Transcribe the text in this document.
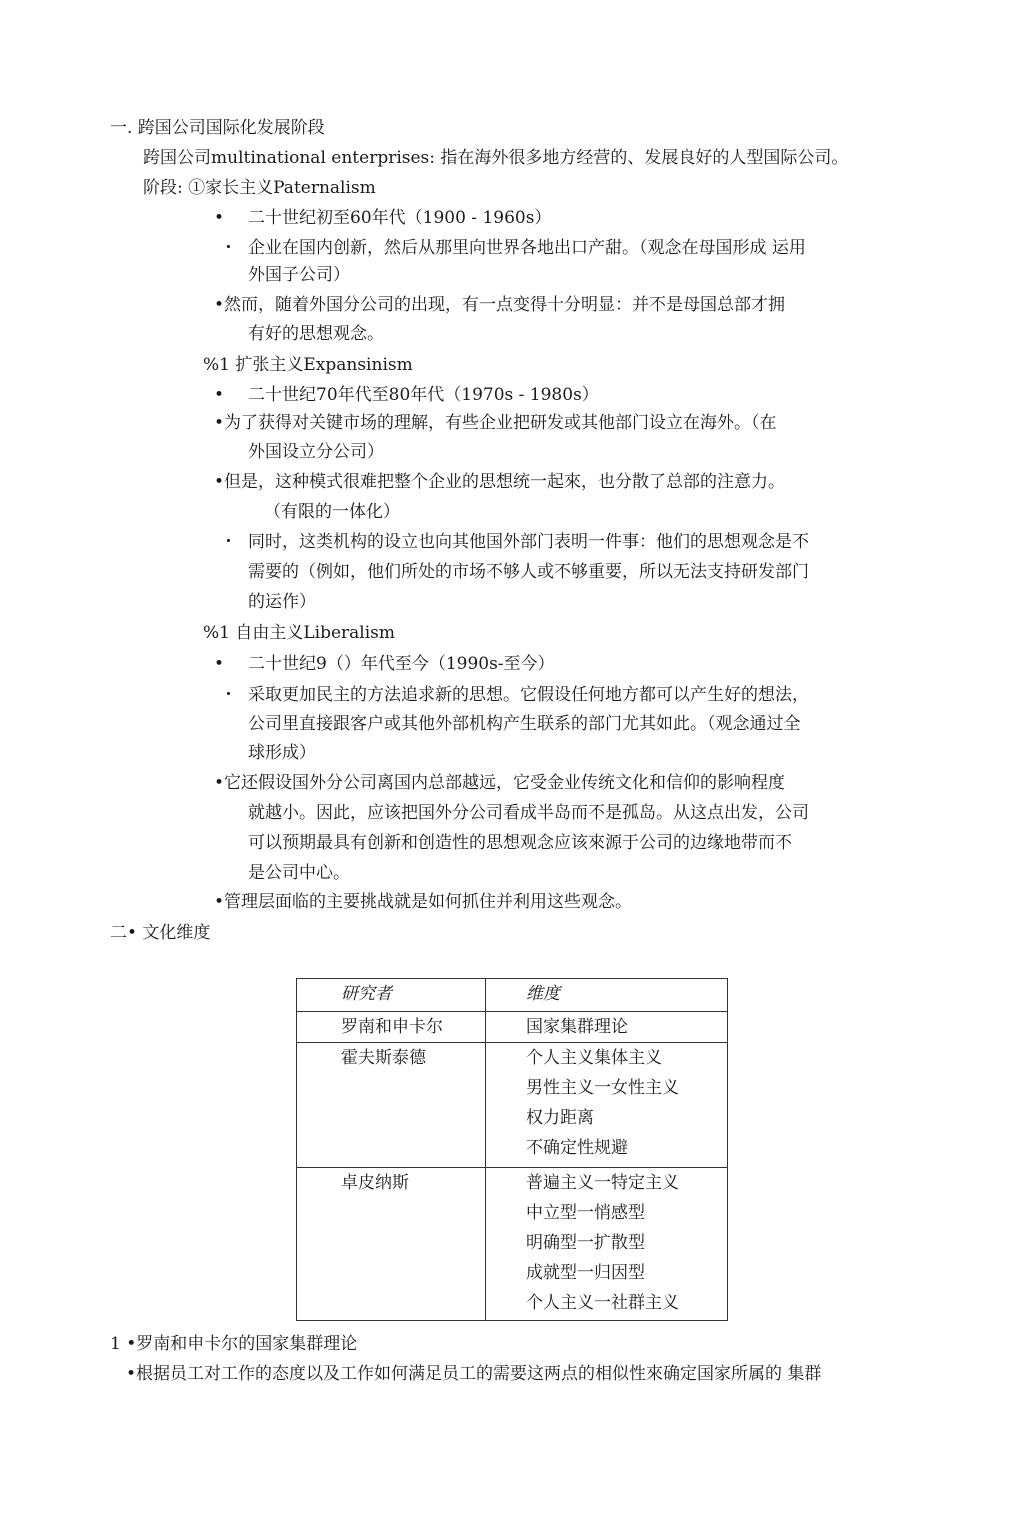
一. 跨国公司国际化发展阶段
跨国公司multinational enterprises: 指在海外很多地方经营的、发展良好的人型国际公司。
阶段: ①家长主义Paternalism
• 二十世纪初至60年代（1900 - 1960s）
・ 企业在国内创新，然后从那里向世界各地出口产甜。（观念在母国形成 运用
外国子公司）
•然而，随着外国分公司的出现，有一点变得十分明显：并不是母国总部才拥
有好的思想观念。
%1 扩张主义Expansinism
• 二十世纪70年代至80年代（1970s - 1980s）
•为了获得对关键市场的理解，有些企业把研发或其他部门设立在海外。（在
外国设立分公司）
•但是，这种模式很难把整个企业的思想统一起來，也分散了总部的注意力。
（有限的一体化）
・ 同时，这类机构的设立也向其他国外部门表明一件事：他们的思想观念是不
需要的（例如，他们所处的市场不够人或不够重要，所以无法支持研发部门
的运作）
%1 自由主义Liberalism
• 二十世纪9（）年代至今（1990s-至今）
・ 采取更加民主的方法追求新的思想。它假设任何地方都可以产生好的想法，
公司里直接跟客户或其他外部机构产生联系的部门尤其如此。（观念通过全
球形成）
•它还假设国外分公司离国内总部越远，它受金业传统文化和信仰的影响程度
就越小。因此，应该把国外分公司看成半岛而不是孤岛。从这点出发，公司
可以预期最具有创新和创造性的思想观念应该來源于公司的边缘地带而不
是公司中心。
•管理层面临的主要挑战就是如何抓住并利用这些观念。
二• 文化维度
研究者	维度

罗南和申卡尔	国家集群理论

霍夫斯泰德	个人主义集体主义
男性主义一女性主义
权力距离
不确定性规避

卓皮纳斯	普遍主义一特定主义
中立型一悄感型
明确型一扩散型
成就型一归因型
个人主义一社群主义
1 •罗南和申卡尔的国家集群理论
•根据员工对工作的态度以及工作如何满足员工的需要这两点的相似性來确定国家所属的 集群
